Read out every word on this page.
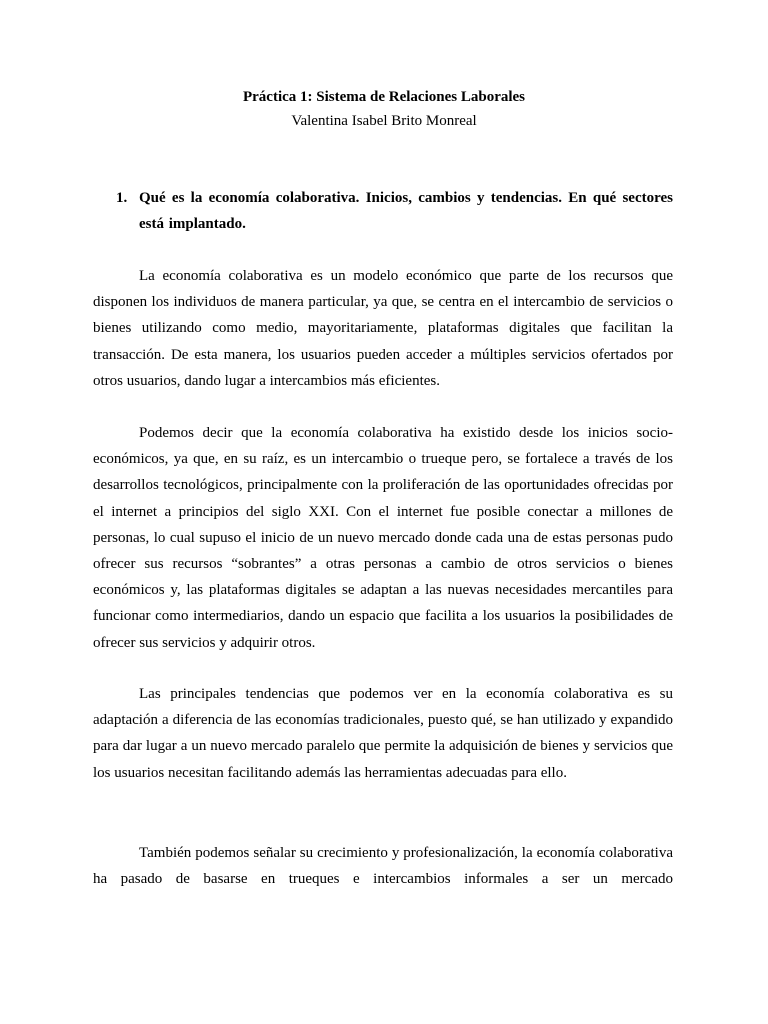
Práctica 1: Sistema de Relaciones Laborales
Valentina Isabel Brito Monreal
1. Qué es la economía colaborativa. Inicios, cambios y tendencias. En qué sectores está implantado.

La economía colaborativa es un modelo económico que parte de los recursos que disponen los individuos de manera particular, ya que, se centra en el intercambio de servicios o bienes utilizando como medio, mayoritariamente, plataformas digitales que facilitan la transacción. De esta manera, los usuarios pueden acceder a múltiples servicios ofertados por otros usuarios, dando lugar a intercambios más eficientes.

Podemos decir que la economía colaborativa ha existido desde los inicios socio-económicos, ya que, en su raíz, es un intercambio o trueque pero, se fortalece a través de los desarrollos tecnológicos, principalmente con la proliferación de las oportunidades ofrecidas por el internet a principios del siglo XXI. Con el internet fue posible conectar a millones de personas, lo cual supuso el inicio de un nuevo mercado donde cada una de estas personas pudo ofrecer sus recursos “sobrantes” a otras personas a cambio de otros servicios o bienes económicos y, las plataformas digitales se adaptan a las nuevas necesidades mercantiles para funcionar como intermediarios, dando un espacio que facilita a los usuarios la posibilidades de ofrecer sus servicios y adquirir otros.

Las principales tendencias que podemos ver en la economía colaborativa es su adaptación a diferencia de las economías tradicionales, puesto qué, se han utilizado y expandido para dar lugar a un nuevo mercado paralelo que permite la adquisición de bienes y servicios que los usuarios necesitan facilitando además las herramientas adecuadas para ello.

También podemos señalar su crecimiento y profesionalización, la economía colaborativa ha pasado de basarse en trueques e intercambios informales a ser un mercado
